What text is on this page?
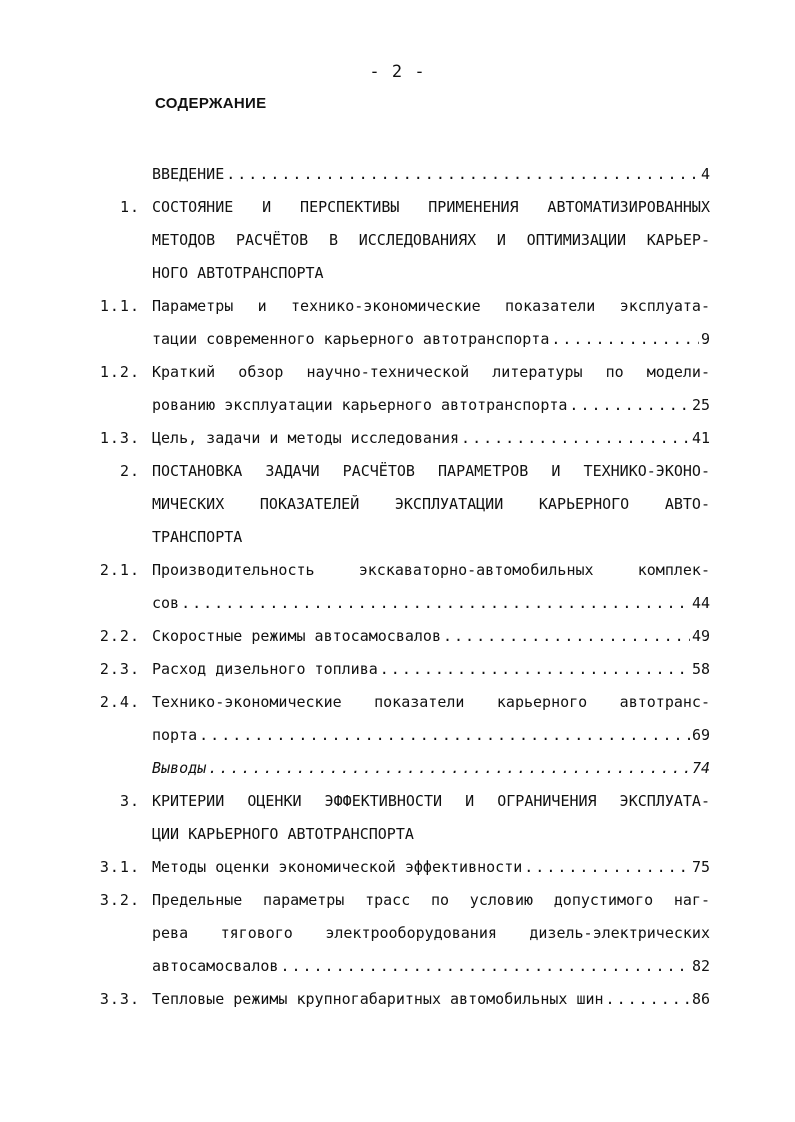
- 2 -
СОДЕРЖАНИЕ
ВВЕДЕНИЕ .....	4
1. СОСТОЯНИЕ И ПЕРСПЕКТИВЫ ПРИМЕНЕНИЯ АВТОМАТИЗИРОВАННЫХ
МЕТОДОВ РАСЧЁТОВ В ИССЛЕДОВАНИЯХ И ОПТИМИЗАЦИИ КАРЬЕР-
НОГО АВТОТРАНСПОРТА
1.1. Параметры и технико-экономические показатели эксплуата-
тации современного карьерного автотранспорта .....	9
1.2. Краткий обзор научно-технической литературы по модели-
рованию эксплуатации карьерного автотранспорта .....	25
1.3. Цель, задачи и методы исследования .....	41
2. ПОСТАНОВКА ЗАДАЧИ РАСЧЁТОВ ПАРАМЕТРОВ И ТЕХНИКО-ЭКОНО-
МИЧЕСКИХ ПОКАЗАТЕЛЕЙ ЭКСПЛУАТАЦИИ КАРЬЕРНОГО АВТО-
ТРАНСПОРТА
2.1. Производительность экскаваторно-автомобильных комплек-
сов .....	44
2.2. Скоростные режимы автосамосвалов .....	49
2.3. Расход дизельного топлива .....	58
2.4. Технико-экономические показатели карьерного автотранс-
порта .....	69
Выводы .....	74
3. КРИТЕРИИ ОЦЕНКИ ЭФФЕКТИВНОСТИ И ОГРАНИЧЕНИЯ ЭКСПЛУАТА-
ЦИИ КАРЬЕРНОГО АВТОТРАНСПОРТА
3.1. Методы оценки экономической эффективности .....	75
3.2. Предельные параметры трасс по условию допустимого наг-
рева тягового электрооборудования дизель-электрических
автосамосвалов .....	82
3.3. Тепловые режимы крупногабаритных автомобильных шин .....	86
